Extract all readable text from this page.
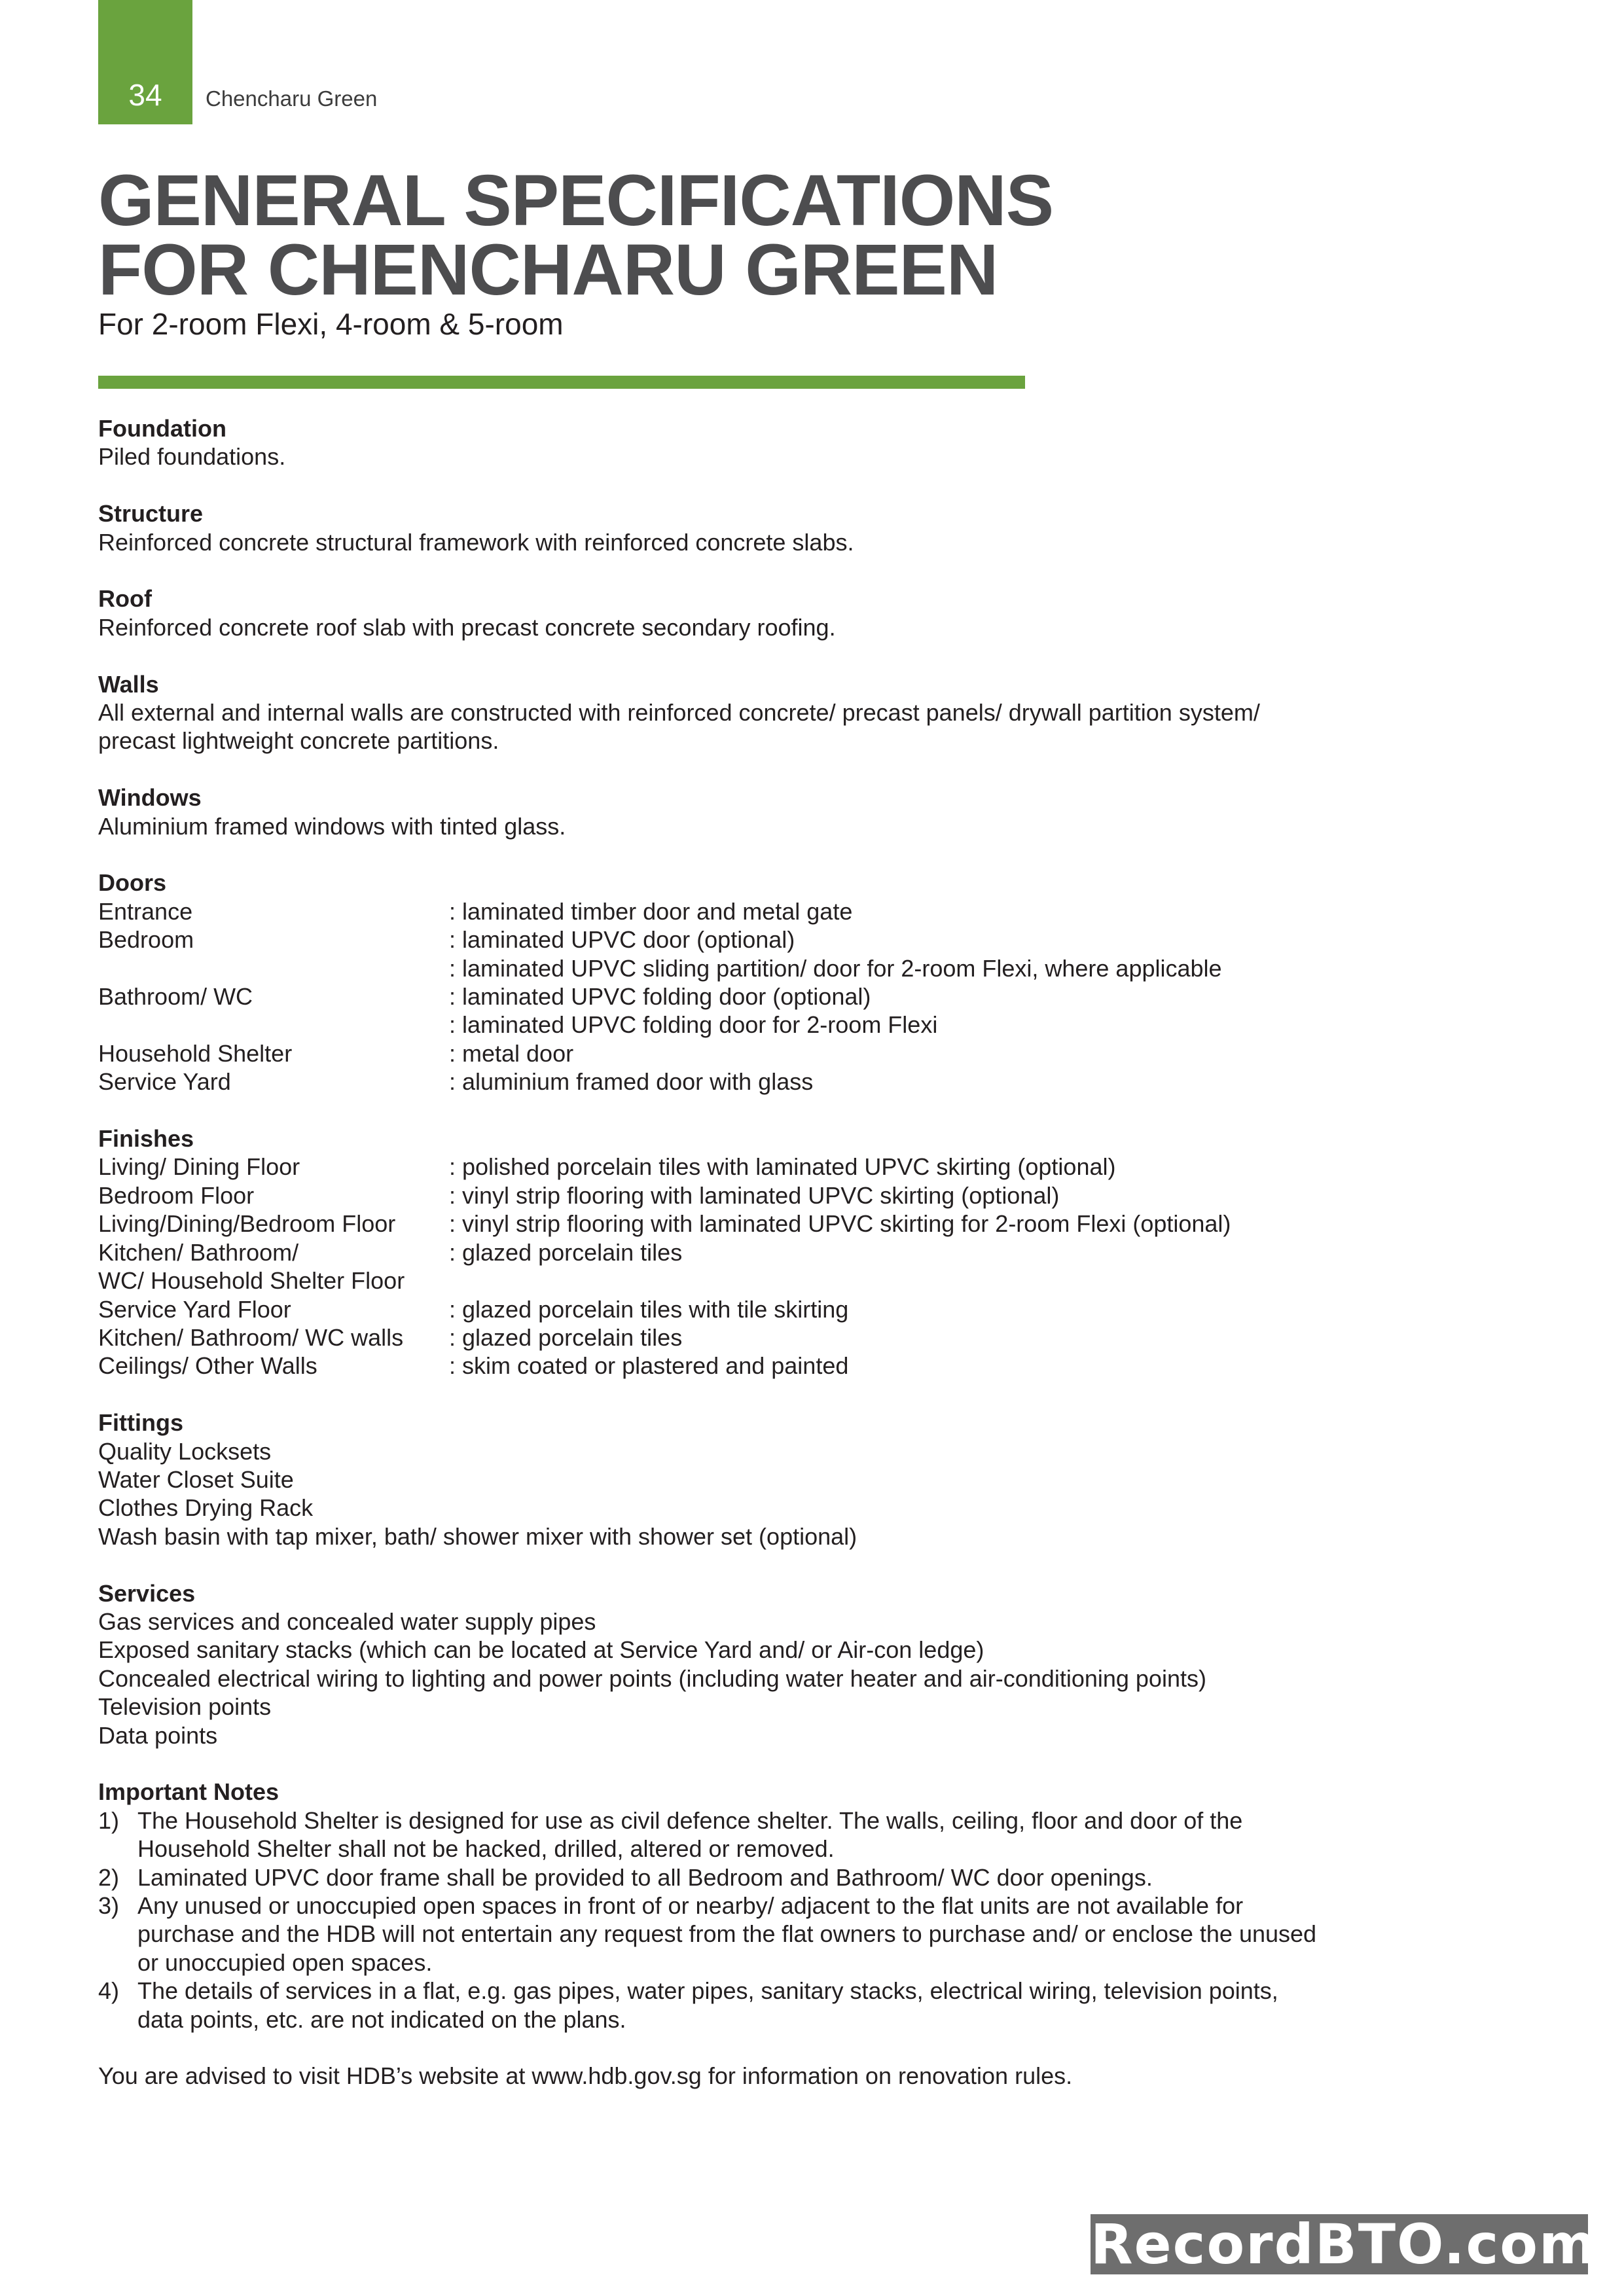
34 Chencharu Green
GENERAL SPECIFICATIONS
FOR CHENCHARU GREEN
For 2-room Flexi, 4-room & 5-room
Foundation
Piled foundations.
Structure
Reinforced concrete structural framework with reinforced concrete slabs.
Roof
Reinforced concrete roof slab with precast concrete secondary roofing.
Walls
All external and internal walls are constructed with reinforced concrete/ precast panels/ drywall partition system/
precast lightweight concrete partitions.
Windows
Aluminium framed windows with tinted glass.
Doors
Entrance	: laminated timber door and metal gate
Bedroom	: laminated UPVC door (optional)
: laminated UPVC sliding partition/ door for 2-room Flexi, where applicable
Bathroom/ WC	: laminated UPVC folding door (optional)
: laminated UPVC folding door for 2-room Flexi
Household Shelter	: metal door
Service Yard	: aluminium framed door with glass
Finishes
Living/ Dining Floor	: polished porcelain tiles with laminated UPVC skirting (optional)
Bedroom Floor	: vinyl strip flooring with laminated UPVC skirting (optional)
Living/Dining/Bedroom Floor	: vinyl strip flooring with laminated UPVC skirting for 2-room Flexi (optional)
Kitchen/ Bathroom/	: glazed porcelain tiles
WC/ Household Shelter Floor
Service Yard Floor	: glazed porcelain tiles with tile skirting
Kitchen/ Bathroom/ WC walls	: glazed porcelain tiles
Ceilings/ Other Walls	: skim coated or plastered and painted
Fittings
Quality Locksets
Water Closet Suite
Clothes Drying Rack
Wash basin with tap mixer, bath/ shower mixer with shower set (optional)
Services
Gas services and concealed water supply pipes
Exposed sanitary stacks (which can be located at Service Yard and/ or Air-con ledge)
Concealed electrical wiring to lighting and power points (including water heater and air-conditioning points)
Television points
Data points
Important Notes
1) The Household Shelter is designed for use as civil defence shelter. The walls, ceiling, floor and door of the
Household Shelter shall not be hacked, drilled, altered or removed.
2) Laminated UPVC door frame shall be provided to all Bedroom and Bathroom/ WC door openings.
3) Any unused or unoccupied open spaces in front of or nearby/ adjacent to the flat units are not available for
purchase and the HDB will not entertain any request from the flat owners to purchase and/ or enclose the unused
or unoccupied open spaces.
4) The details of services in a flat, e.g. gas pipes, water pipes, sanitary stacks, electrical wiring, television points,
data points, etc. are not indicated on the plans.
You are advised to visit HDB’s website at www.hdb.gov.sg for information on renovation rules.
RecordBTO.com
